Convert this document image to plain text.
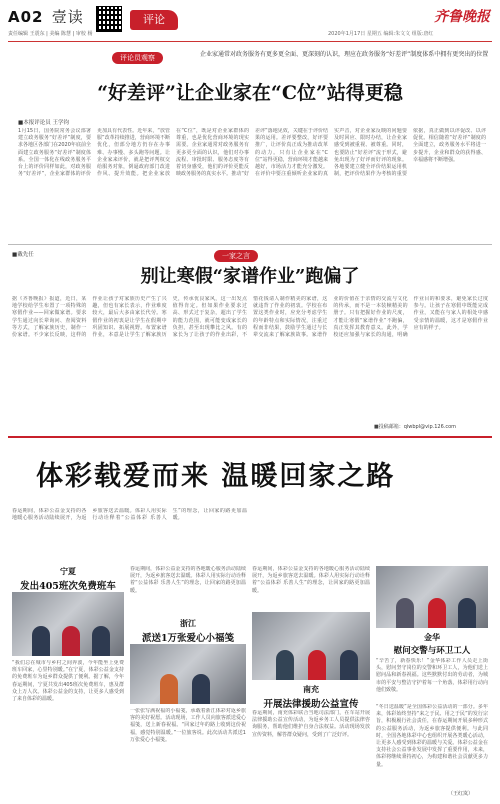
A02 壹读
责任编辑 王震东 | 美编 陈慧 | 审校 杨
评论
2020年1月17日 星期五 编辑:朱文文 组版:唐红
齐鲁晚报
评论员观察	企业家通常对政务服务有更多更全面、更深刻的认识，理应在政务服务“好差评”制度体系中拥有更突出的位置
“好差评”让企业家在“C位”站得更稳
■本报评论员 王学钧
1月15日，国务院常务会议部署建立政务服务“好差评”制度，要求各地区各部门在2020年底前全面建立政务服务“好差评”制度体系。全国一体化在线政务服务平台上的评价同样如此，对政务服务“好差评”，企业家群体的评价更加具有代表性。近年来，“放管服”改革持续推进，营商环境不断优化，但部分地方仍存在办事难、办事慢、多头跑等问题。让企业家来评价，就是把评判权交给服务对象，倒逼政府部门改进作风、提升效能。把企业家放在“C位”，既是对企业家群体的尊重，也是优化营商环境的现实需要。企业家通常对政务服务有更多更全面的认识，他们对办事流程、审批时限、服务态度等有着切身感受，他们的评价更能反映政务服务的真实水平。推动“好差评”落地见效，关键在于评价结果的运用。差评要整改，好评要推广，让评价真正成为推动改革的动力。只有让企业家在“C位”站得更稳，营商环境才能越来越好，市场活力才能充分激发。在评价中要注重倾听企业家的真实声音，对企业家反映的问题要及时回应、限时办结，让企业家感受到被重视、被尊重。同时，也要防止“好差评”流于形式，避免出现为了好评而好评的现象。各地要建立健全评价结果运用机制，把评价结果作为考核的重要依据，真正做到以评促改、以评促优。相信随着“好差评”制度的全面建立，政务服务水平将进一步提升，企业和群众的获得感、幸福感将不断增强。
■戴先任	一家之言
别让寒假“家谱作业”跑偏了
据《齐鲁晚报》报道，近日，某地学校给学生布置了一项特殊的寒假作业——回家做家谱。要求学生通过向长辈询问、查阅资料等方式，了解家族历史，制作一份家谱。不少家长反映，这样的作业让孩子对家族历史产生了兴趣，但也有家长表示，作业难度较大，最后大多由家长代劳。寒假作业的初衷是让学生在假期中巩固知识、拓展视野。布置家谱作业，本意是让学生了解家族历史，传承优良家风，这一出发点值得肯定。但如果作业要求过高、形式过于复杂，超出了学生的能力范围，就可能变成家长的负担，甚至出现攀比之风。有的家长为了让孩子的作业出彩，不惜花钱请人制作精美的家谱，这就违背了作业的初衷。学校在布置这类作业时，应充分考虑学生的年龄特点和实际情况，注重过程而非结果，鼓励学生通过与长辈交流来了解家族故事。家谱作业的价值在于亲情的交流与文化的传承，而不是一本装帧精美的册子。只有把握好作业的尺度，才能让寒假“家谱作业”不跑偏，真正发挥其教育意义。此外，学校还应加强与家长的沟通，明确作业目的和要求，避免家长过度参与。让孩子在寒假中既能完成作业，又能在与家人的相处中感受亲情的温暖，这才是寒假作业应有的样子。
■投稿邮箱：qlwbpl@vip.126.com
体彩载爱而来 温暖回家之路
春运期间，体彩公益金支持的各地暖心服务活动陆续展开，为返乡旅客送去温暖。体彩人用实际行动诠释着“公益体彩 乐善人生”的理念，让回家的路更加温暖。
宁夏
发出405班次免费班车
“我们总在城市与乡村之间奔波，今年能坐上免费班车回家，心里特别暖。”在宁夏，体彩公益金支持的免费班车为返乡群众提供了便利。据了解，今年春运期间，宁夏共发出405班次免费班车，惠及群众上万人次。体彩公益金的支持，让更多人感受到了来自体彩的温暖。
春运期间，体彩公益金支持的各地暖心服务活动陆续展开，为返乡旅客送去温暖。体彩人用实际行动诠释着“公益体彩 乐善人生”的理念，让回家的路更加温暖。
浙江
派送1万张爱心小福笺
一张张写满祝福的小福笺，承载着浙江体彩对返乡旅客的美好祝愿。活动现场，工作人员向旅客派送爱心福笺，送上新春祝福。“回家过年的路上收到这份祝福，感觉特别温暖。”一位旅客说。此次活动共派送1万张爱心小福笺。
春运期间，体彩公益金支持的各地暖心服务活动陆续展开，为返乡旅客送去温暖。体彩人用实际行动诠释着“公益体彩 乐善人生”的理念，让回家的路更加温暖。
南充
开展法律援助公益宣传
春运期间，南充体彩联合当地司法部门，在车站开展法律援助公益宣传活动，为返乡务工人员提供法律咨询服务，帮助他们维护自身合法权益。活动现场发放宣传资料，解答群众疑问，受到了广泛好评。
金华
慰问交警与环卫工人
“辛苦了，新春快乐！”金华体彩工作人员走上街头，慰问坚守岗位的交警和环卫工人，为他们送上慰问品和新春祝福。这些默默付出的劳动者，为城市的平安与整洁守护着每一个角落，体彩用行动向他们致敬。
“冬日送温暖”是全国体彩公益活动的一部分。多年来，体彩始终坚持“来之于民、用之于民”的发行宗旨，积极履行社会责任，在春运期间开展多种形式的公益服务活动，为返乡旅客提供便利。与此同时，全国各地体彩中心也组织开展各类暖心活动，让更多人感受到体彩的温暖与关爱。体彩公益金在支持社会公益事业发展中发挥了重要作用，未来，体彩将继续秉持初心，为构建和谐社会贡献更多力量。
（王红岚）
